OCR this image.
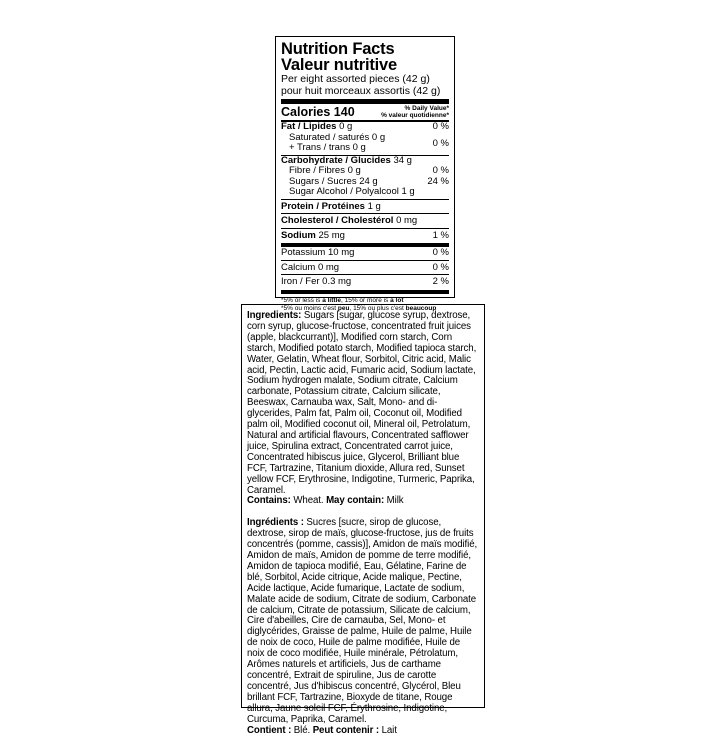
Nutrition Facts
Valeur nutritive
Per eight assorted pieces (42 g)
pour huit morceaux assortis (42 g)
Calories 140	% Daily Value*
% valeur quotidienne*
Fat / Lipides 0 g	0 %
Saturated / saturés 0 g
+ Trans / trans 0 g	0 %
Carbohydrate / Glucides 34 g
Fibre / Fibres 0 g	0 %
Sugars / Sucres 24 g	24 %
Sugar Alcohol / Polyalcool 1 g
Protein / Protéines 1 g
Cholesterol / Cholestérol 0 mg
Sodium 25 mg	1 %
Potassium 10 mg	0 %
Calcium 0 mg	0 %
Iron / Fer 0.3 mg	2 %
*5% or less is a little, 15% or more is a lot
*5% ou moins c'est peu, 15% ou plus c'est beaucoup

Ingredients: Sugars [sugar, glucose syrup, dextrose, corn syrup, glucose-fructose, concentrated fruit juices (apple, blackcurrant)], Modified corn starch, Corn starch, Modified potato starch, Modified tapioca starch, Water, Gelatin, Wheat flour, Sorbitol, Citric acid, Malic acid, Pectin, Lactic acid, Fumaric acid, Sodium lactate, Sodium hydrogen malate, Sodium citrate, Calcium carbonate, Potassium citrate, Calcium silicate, Beeswax, Carnauba wax, Salt, Mono- and di-glycerides, Palm fat, Palm oil, Coconut oil, Modified palm oil, Modified coconut oil, Mineral oil, Petrolatum, Natural and artificial flavours, Concentrated safflower juice, Spirulina extract, Concentrated carrot juice, Concentrated hibiscus juice, Glycerol, Brilliant blue FCF, Tartrazine, Titanium dioxide, Allura red, Sunset yellow FCF, Erythrosine, Indigotine, Turmeric, Paprika, Caramel.

Contains: Wheat. May contain: Milk

Ingrédients : Sucres [sucre, sirop de glucose, dextrose, sirop de maïs, glucose-fructose, jus de fruits concentrés (pomme, cassis)], Amidon de maïs modifié, Amidon de maïs, Amidon de pomme de terre modifié, Amidon de tapioca modifié, Eau, Gélatine, Farine de blé, Sorbitol, Acide citrique, Acide malique, Pectine, Acide lactique, Acide fumarique, Lactate de sodium, Malate acide de sodium, Citrate de sodium, Carbonate de calcium, Citrate de potassium, Silicate de calcium, Cire d'abeilles, Cire de carnauba, Sel, Mono- et diglycérides, Graisse de palme, Huile de palme, Huile de noix de coco, Huile de palme modifiée, Huile de noix de coco modifiée, Huile minérale, Pétrolatum, Arômes naturels et artificiels, Jus de carthame concentré, Extrait de spiruline, Jus de carotte concentré, Jus d'hibiscus concentré, Glycérol, Bleu brillant FCF, Tartrazine, Bioxyde de titane, Rouge allura, Jaune soleil FCF, Érythrosine, Indigotine, Curcuma, Paprika, Caramel.

Contient : Blé. Peut contenir : Lait
